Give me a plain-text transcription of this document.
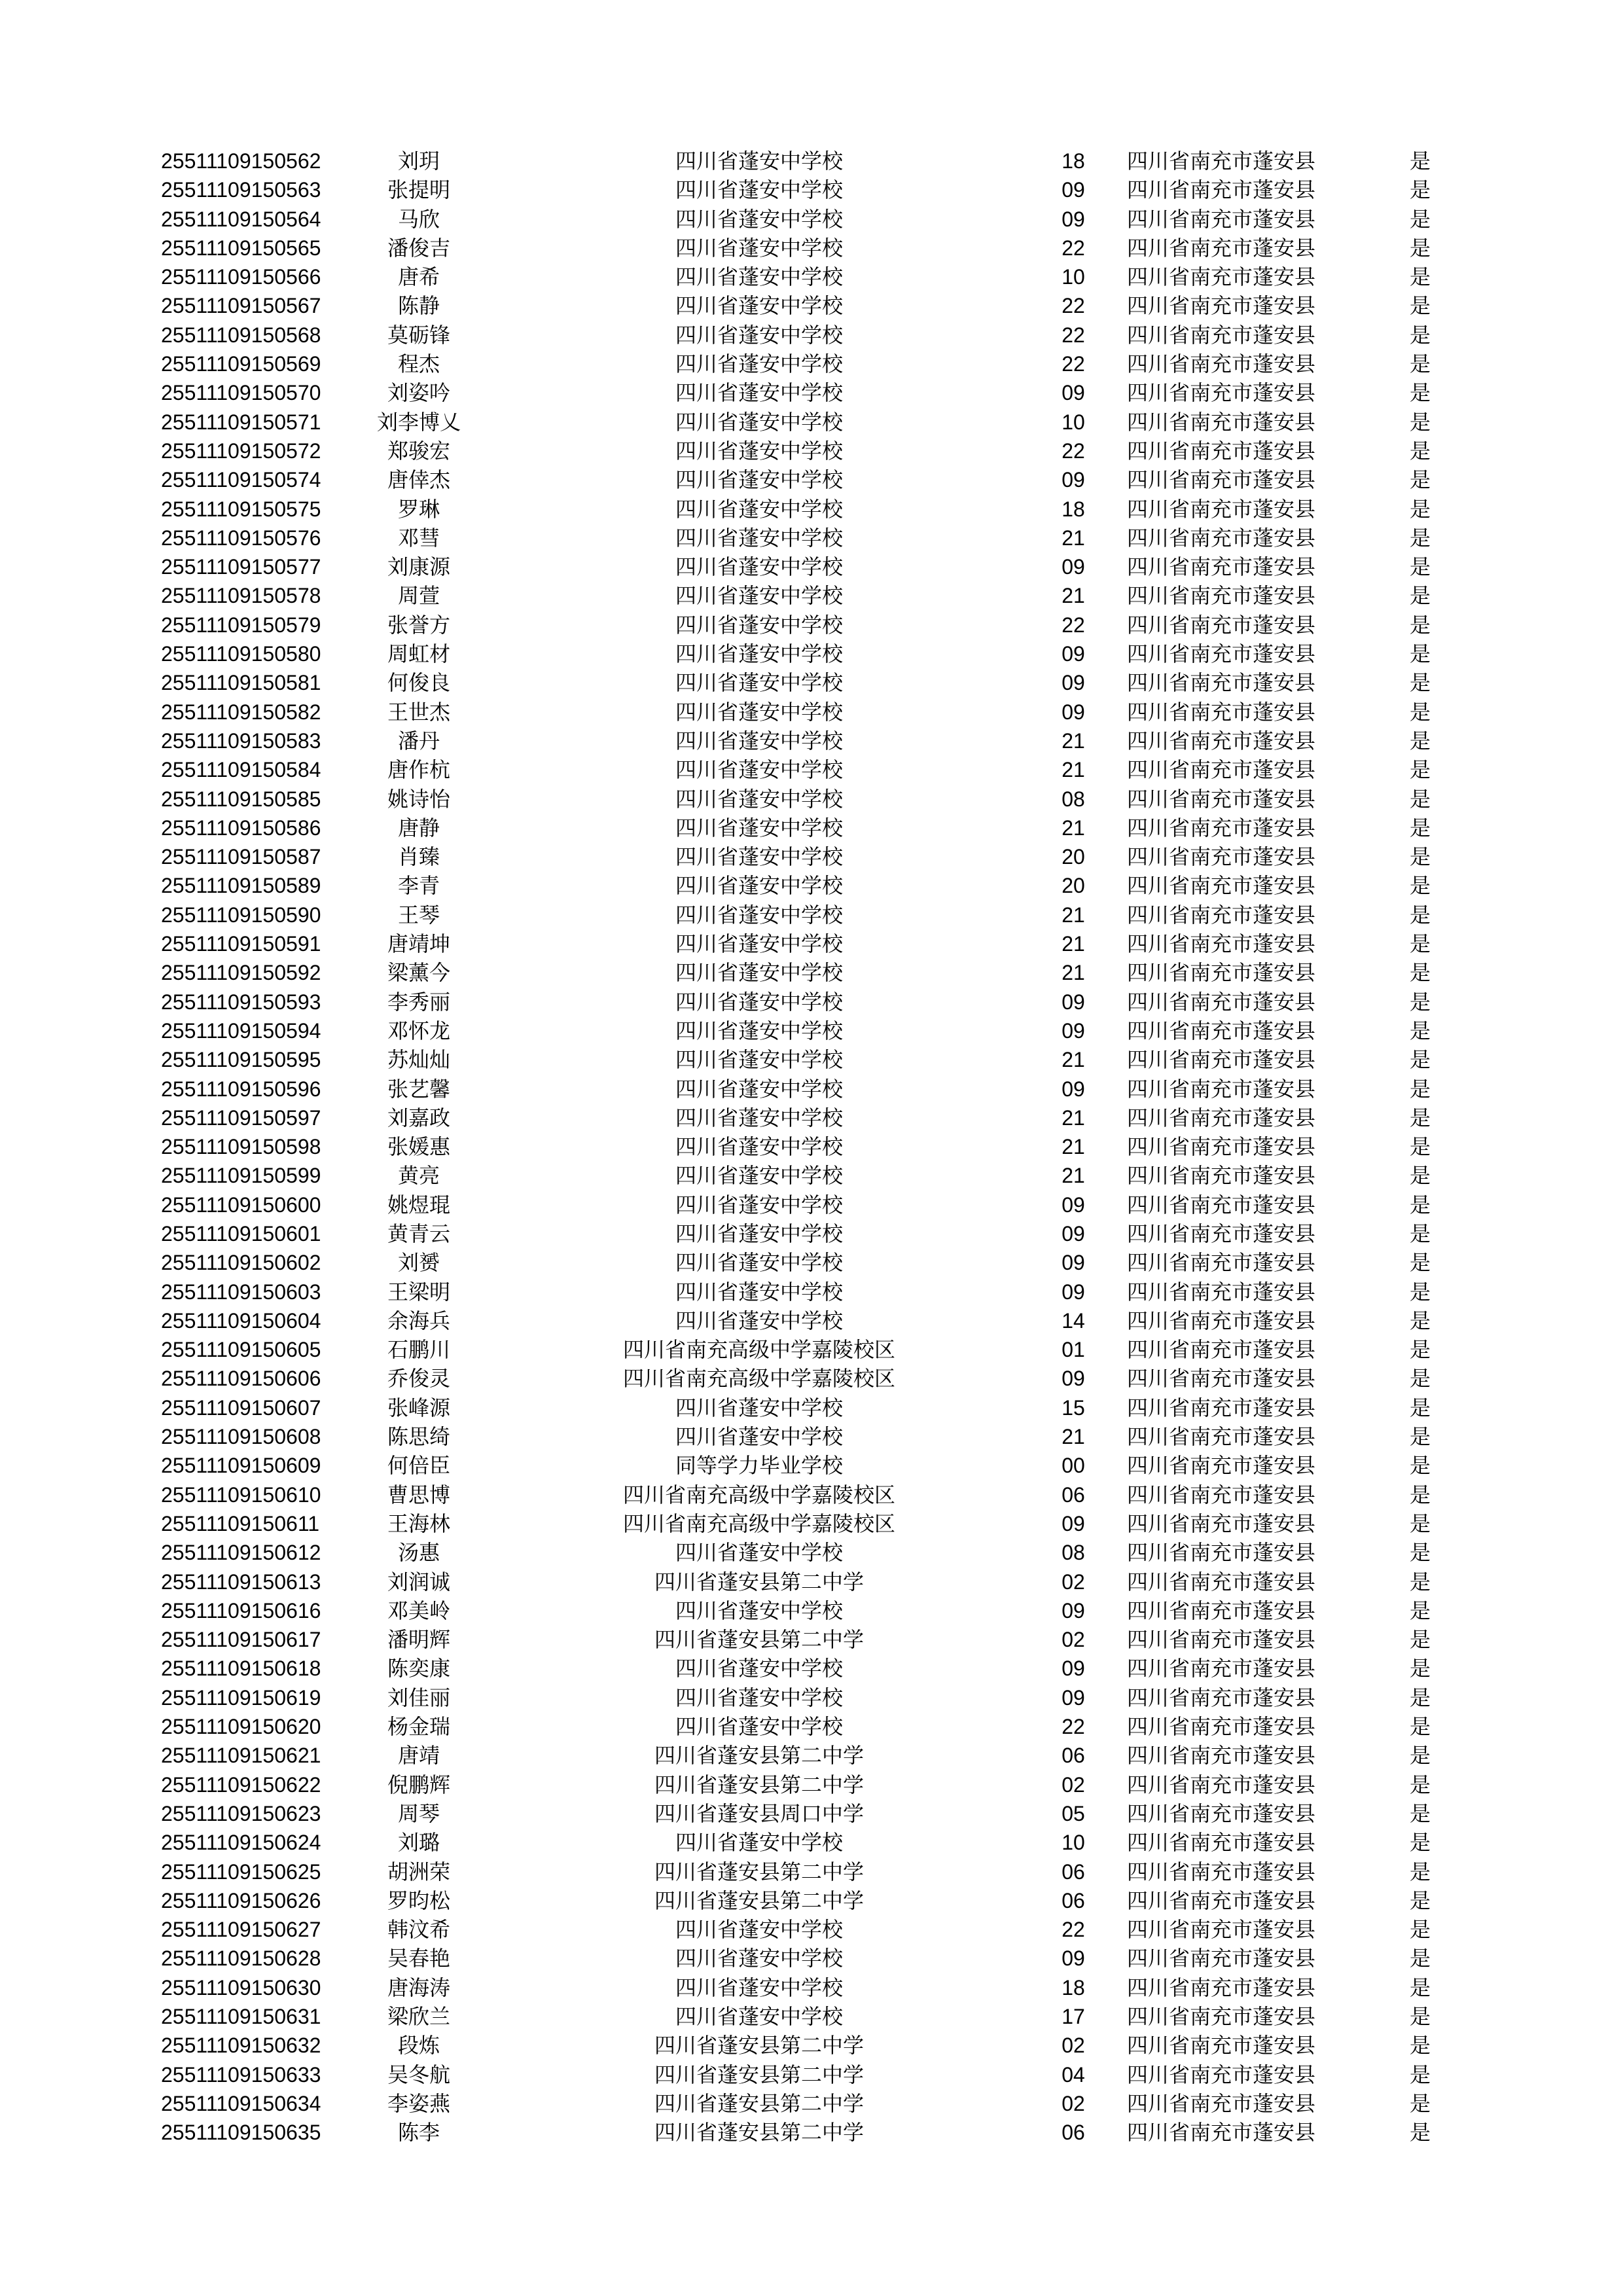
25511109150562	刘玥	四川省蓬安中学校	18	四川省南充市蓬安县	是
25511109150563	张提明	四川省蓬安中学校	09	四川省南充市蓬安县	是
25511109150564	马欣	四川省蓬安中学校	09	四川省南充市蓬安县	是
25511109150565	潘俊吉	四川省蓬安中学校	22	四川省南充市蓬安县	是
25511109150566	唐希	四川省蓬安中学校	10	四川省南充市蓬安县	是
25511109150567	陈静	四川省蓬安中学校	22	四川省南充市蓬安县	是
25511109150568	莫砺锋	四川省蓬安中学校	22	四川省南充市蓬安县	是
25511109150569	程杰	四川省蓬安中学校	22	四川省南充市蓬安县	是
25511109150570	刘姿吟	四川省蓬安中学校	09	四川省南充市蓬安县	是
25511109150571	刘李博乂	四川省蓬安中学校	10	四川省南充市蓬安县	是
25511109150572	郑骏宏	四川省蓬安中学校	22	四川省南充市蓬安县	是
25511109150574	唐倖杰	四川省蓬安中学校	09	四川省南充市蓬安县	是
25511109150575	罗琳	四川省蓬安中学校	18	四川省南充市蓬安县	是
25511109150576	邓彗	四川省蓬安中学校	21	四川省南充市蓬安县	是
25511109150577	刘康源	四川省蓬安中学校	09	四川省南充市蓬安县	是
25511109150578	周萱	四川省蓬安中学校	21	四川省南充市蓬安县	是
25511109150579	张誉方	四川省蓬安中学校	22	四川省南充市蓬安县	是
25511109150580	周虹材	四川省蓬安中学校	09	四川省南充市蓬安县	是
25511109150581	何俊良	四川省蓬安中学校	09	四川省南充市蓬安县	是
25511109150582	王世杰	四川省蓬安中学校	09	四川省南充市蓬安县	是
25511109150583	潘丹	四川省蓬安中学校	21	四川省南充市蓬安县	是
25511109150584	唐作杭	四川省蓬安中学校	21	四川省南充市蓬安县	是
25511109150585	姚诗怡	四川省蓬安中学校	08	四川省南充市蓬安县	是
25511109150586	唐静	四川省蓬安中学校	21	四川省南充市蓬安县	是
25511109150587	肖臻	四川省蓬安中学校	20	四川省南充市蓬安县	是
25511109150589	李青	四川省蓬安中学校	20	四川省南充市蓬安县	是
25511109150590	王琴	四川省蓬安中学校	21	四川省南充市蓬安县	是
25511109150591	唐靖坤	四川省蓬安中学校	21	四川省南充市蓬安县	是
25511109150592	梁薰今	四川省蓬安中学校	21	四川省南充市蓬安县	是
25511109150593	李秀丽	四川省蓬安中学校	09	四川省南充市蓬安县	是
25511109150594	邓怀龙	四川省蓬安中学校	09	四川省南充市蓬安县	是
25511109150595	苏灿灿	四川省蓬安中学校	21	四川省南充市蓬安县	是
25511109150596	张艺馨	四川省蓬安中学校	09	四川省南充市蓬安县	是
25511109150597	刘嘉政	四川省蓬安中学校	21	四川省南充市蓬安县	是
25511109150598	张媛惠	四川省蓬安中学校	21	四川省南充市蓬安县	是
25511109150599	黄亮	四川省蓬安中学校	21	四川省南充市蓬安县	是
25511109150600	姚煜琨	四川省蓬安中学校	09	四川省南充市蓬安县	是
25511109150601	黄青云	四川省蓬安中学校	09	四川省南充市蓬安县	是
25511109150602	刘赟	四川省蓬安中学校	09	四川省南充市蓬安县	是
25511109150603	王梁明	四川省蓬安中学校	09	四川省南充市蓬安县	是
25511109150604	余海兵	四川省蓬安中学校	14	四川省南充市蓬安县	是
25511109150605	石鹏川	四川省南充高级中学嘉陵校区	01	四川省南充市蓬安县	是
25511109150606	乔俊灵	四川省南充高级中学嘉陵校区	09	四川省南充市蓬安县	是
25511109150607	张峰源	四川省蓬安中学校	15	四川省南充市蓬安县	是
25511109150608	陈思绮	四川省蓬安中学校	21	四川省南充市蓬安县	是
25511109150609	何倍臣	同等学力毕业学校	00	四川省南充市蓬安县	是
25511109150610	曹思博	四川省南充高级中学嘉陵校区	06	四川省南充市蓬安县	是
25511109150611	王海林	四川省南充高级中学嘉陵校区	09	四川省南充市蓬安县	是
25511109150612	汤惠	四川省蓬安中学校	08	四川省南充市蓬安县	是
25511109150613	刘润诚	四川省蓬安县第二中学	02	四川省南充市蓬安县	是
25511109150616	邓美岭	四川省蓬安中学校	09	四川省南充市蓬安县	是
25511109150617	潘明辉	四川省蓬安县第二中学	02	四川省南充市蓬安县	是
25511109150618	陈奕康	四川省蓬安中学校	09	四川省南充市蓬安县	是
25511109150619	刘佳丽	四川省蓬安中学校	09	四川省南充市蓬安县	是
25511109150620	杨金瑞	四川省蓬安中学校	22	四川省南充市蓬安县	是
25511109150621	唐靖	四川省蓬安县第二中学	06	四川省南充市蓬安县	是
25511109150622	倪鹏辉	四川省蓬安县第二中学	02	四川省南充市蓬安县	是
25511109150623	周琴	四川省蓬安县周口中学	05	四川省南充市蓬安县	是
25511109150624	刘璐	四川省蓬安中学校	10	四川省南充市蓬安县	是
25511109150625	胡洲荣	四川省蓬安县第二中学	06	四川省南充市蓬安县	是
25511109150626	罗昀松	四川省蓬安县第二中学	06	四川省南充市蓬安县	是
25511109150627	韩汶希	四川省蓬安中学校	22	四川省南充市蓬安县	是
25511109150628	吴春艳	四川省蓬安中学校	09	四川省南充市蓬安县	是
25511109150630	唐海涛	四川省蓬安中学校	18	四川省南充市蓬安县	是
25511109150631	梁欣兰	四川省蓬安中学校	17	四川省南充市蓬安县	是
25511109150632	段炼	四川省蓬安县第二中学	02	四川省南充市蓬安县	是
25511109150633	吴冬航	四川省蓬安县第二中学	04	四川省南充市蓬安县	是
25511109150634	李姿燕	四川省蓬安县第二中学	02	四川省南充市蓬安县	是
25511109150635	陈李	四川省蓬安县第二中学	06	四川省南充市蓬安县	是
